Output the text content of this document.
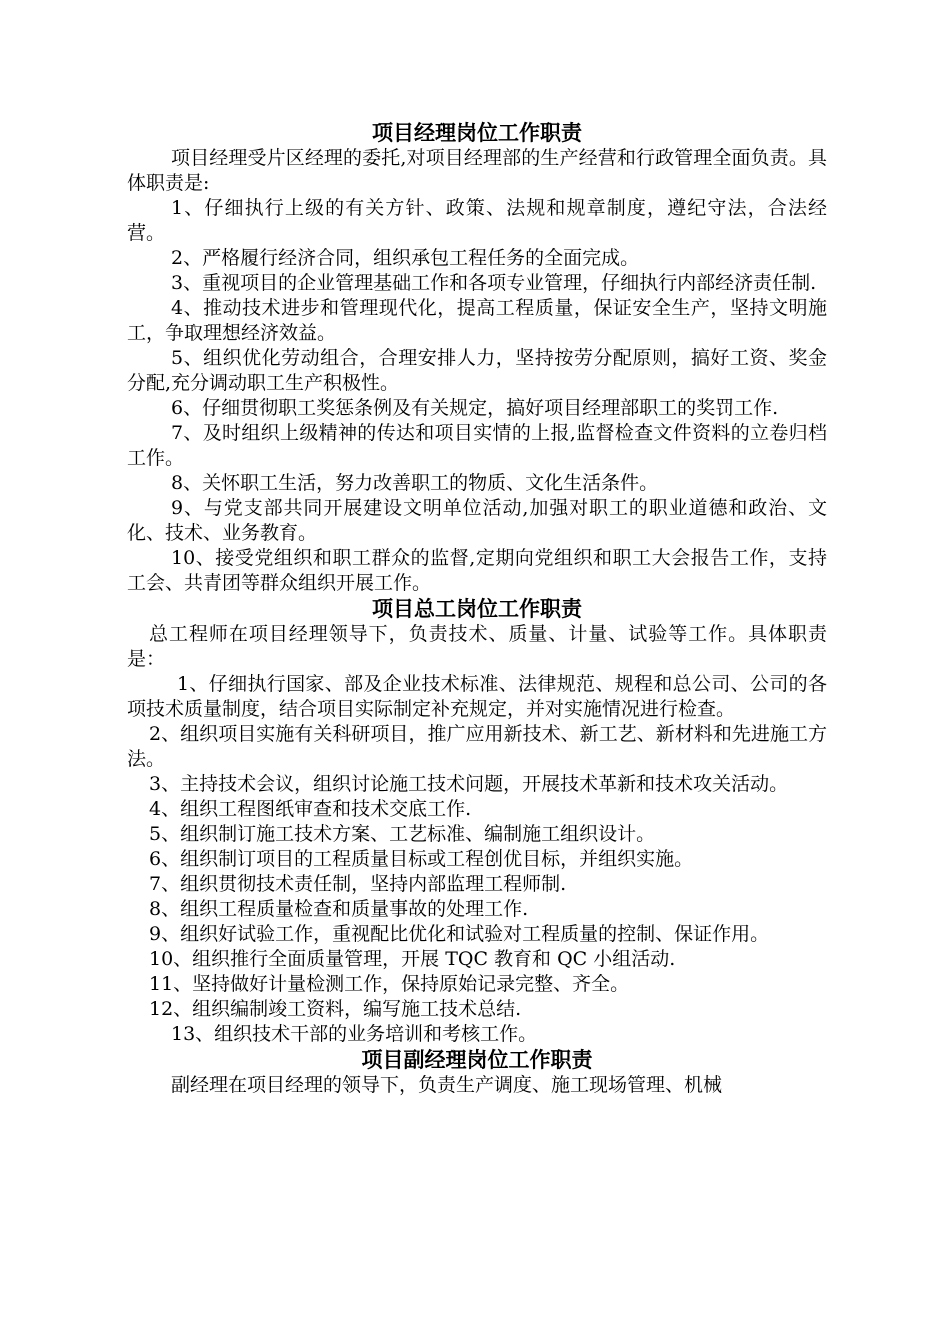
项目经理岗位工作职责

项目经理受片区经理的委托,对项目经理部的生产经营和行政管理全面负责。具体职责是:

1、仔细执行上级的有关方针、政策、法规和规章制度，遵纪守法，合法经营。

2、严格履行经济合同，组织承包工程任务的全面完成。

3、重视项目的企业管理基础工作和各项专业管理，仔细执行内部经济责任制.

4、推动技术进步和管理现代化，提高工程质量，保证安全生产，坚持文明施工，争取理想经济效益。

5、组织优化劳动组合，合理安排人力，坚持按劳分配原则，搞好工资、奖金分配,充分调动职工生产积极性。

6、仔细贯彻职工奖惩条例及有关规定，搞好项目经理部职工的奖罚工作.

7、及时组织上级精神的传达和项目实情的上报,监督检查文件资料的立卷归档工作。

8、关怀职工生活，努力改善职工的物质、文化生活条件。

9、与党支部共同开展建设文明单位活动,加强对职工的职业道德和政治、文化、技术、业务教育。

10、接受党组织和职工群众的监督,定期向党组织和职工大会报告工作，支持工会、共青团等群众组织开展工作。

项目总工岗位工作职责

总工程师在项目经理领导下，负责技术、质量、计量、试验等工作。具体职责是：

1、仔细执行国家、部及企业技术标准、法律规范、规程和总公司、公司的各项技术质量制度，结合项目实际制定补充规定，并对实施情况进行检查。

2、组织项目实施有关科研项目，推广应用新技术、新工艺、新材料和先进施工方法。

3、主持技术会议，组织讨论施工技术问题，开展技术革新和技术攻关活动。

4、组织工程图纸审查和技术交底工作.

5、组织制订施工技术方案、工艺标准、编制施工组织设计。

6、组织制订项目的工程质量目标或工程创优目标，并组织实施。

7、组织贯彻技术责任制，坚持内部监理工程师制.

8、组织工程质量检查和质量事故的处理工作.

9、组织好试验工作，重视配比优化和试验对工程质量的控制、保证作用。

10、组织推行全面质量管理，开展 TQC 教育和 QC 小组活动.

11、坚持做好计量检测工作，保持原始记录完整、齐全。

12、组织编制竣工资料，编写施工技术总结.

13、组织技术干部的业务培训和考核工作。

项目副经理岗位工作职责

副经理在项目经理的领导下，负责生产调度、施工现场管理、机械
